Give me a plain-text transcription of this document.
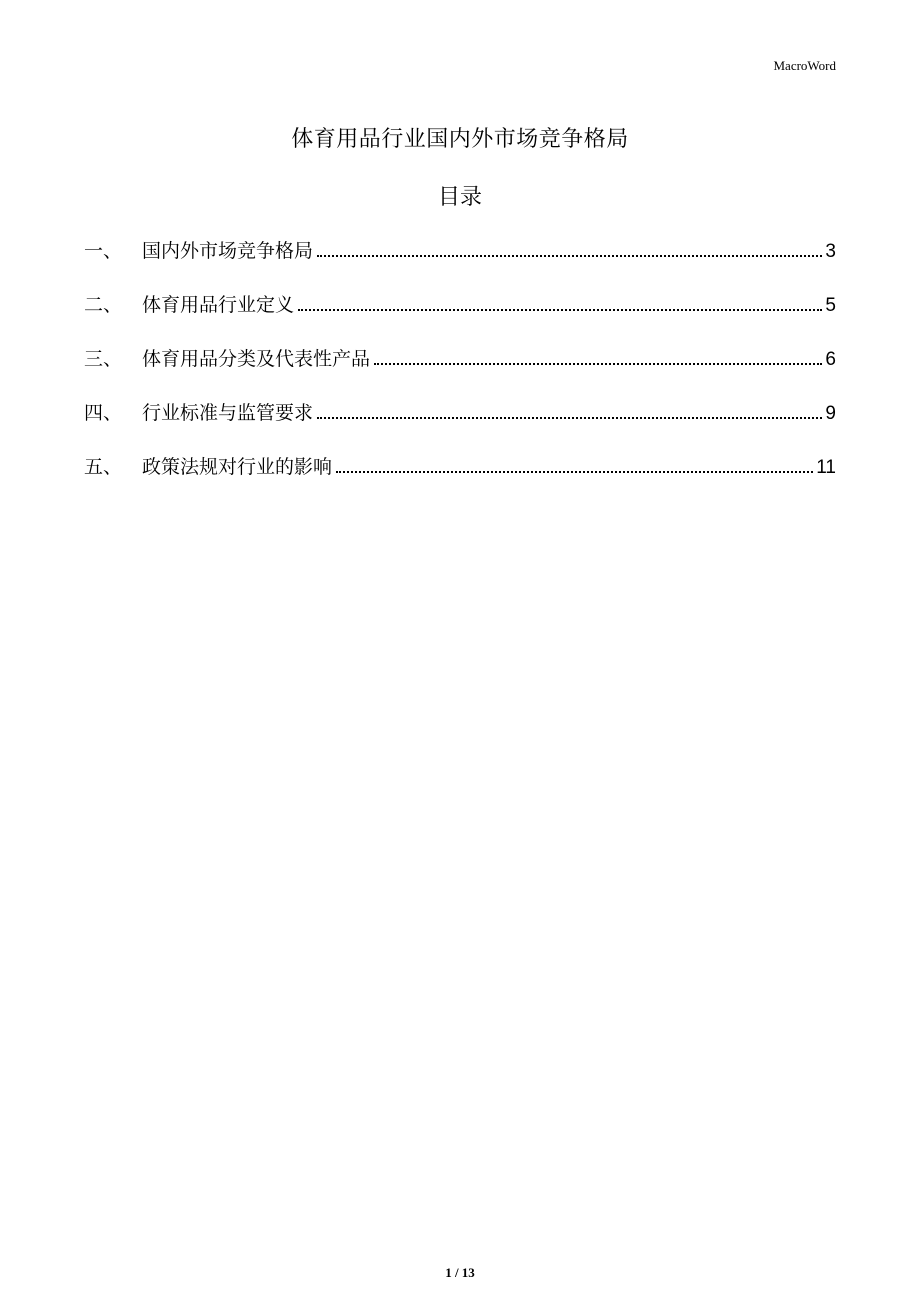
MacroWord
体育用品行业国内外市场竞争格局
目录
一、	国内外市场竞争格局	3
二、	体育用品行业定义	5
三、	体育用品分类及代表性产品	6
四、	行业标准与监管要求	9
五、	政策法规对行业的影响	11
1 / 13
